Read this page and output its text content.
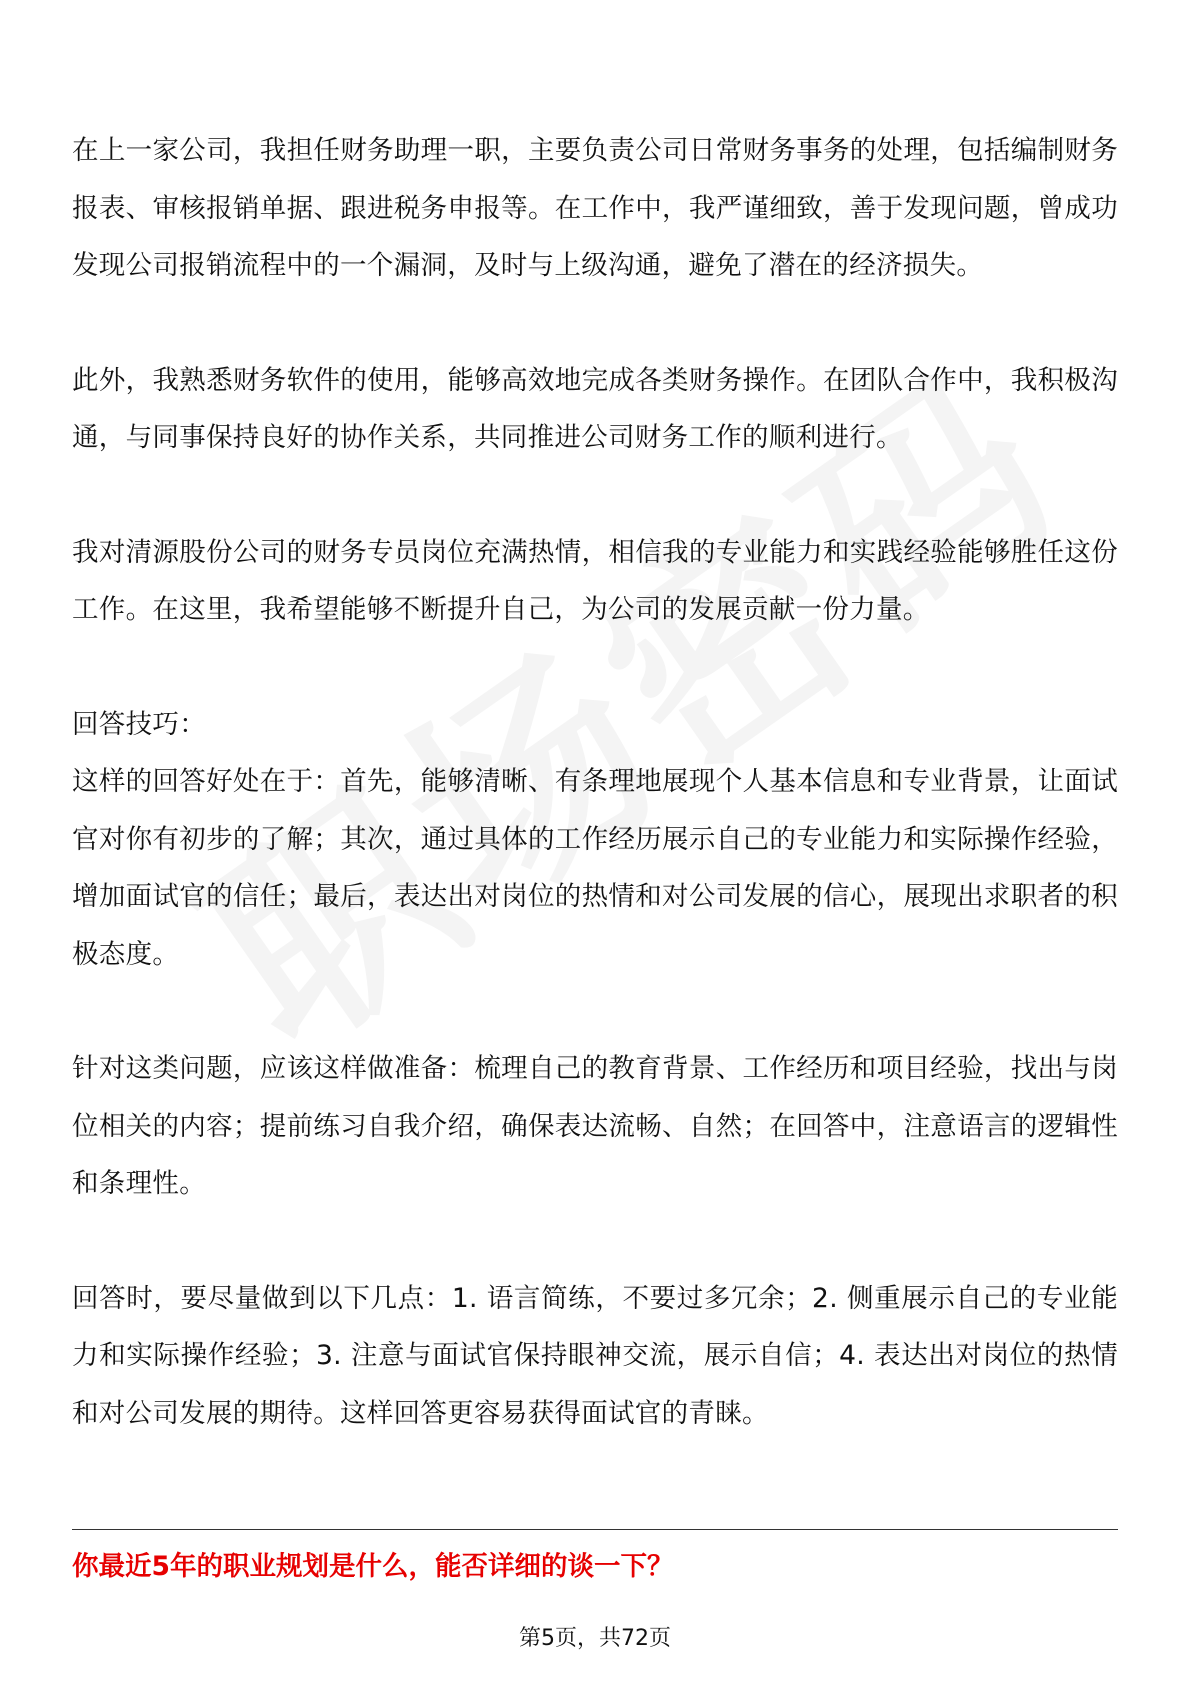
在上一家公司，我担任财务助理一职，主要负责公司日常财务事务的处理，包括编制财务报表、审核报销单据、跟进税务申报等。在工作中，我严谨细致，善于发现问题，曾成功发现公司报销流程中的一个漏洞，及时与上级沟通，避免了潜在的经济损失。

此外，我熟悉财务软件的使用，能够高效地完成各类财务操作。在团队合作中，我积极沟通，与同事保持良好的协作关系，共同推进公司财务工作的顺利进行。

我对清源股份公司的财务专员岗位充满热情，相信我的专业能力和实践经验能够胜任这份工作。在这里，我希望能够不断提升自己，为公司的发展贡献一份力量。

回答技巧：

这样的回答好处在于：首先，能够清晰、有条理地展现个人基本信息和专业背景，让面试官对你有初步的了解；其次，通过具体的工作经历展示自己的专业能力和实际操作经验，增加面试官的信任；最后，表达出对岗位的热情和对公司发展的信心，展现出求职者的积极态度。

针对这类问题，应该这样做准备：梳理自己的教育背景、工作经历和项目经验，找出与岗位相关的内容；提前练习自我介绍，确保表达流畅、自然；在回答中，注意语言的逻辑性和条理性。

回答时，要尽量做到以下几点：1. 语言简练，不要过多冗余；2. 侧重展示自己的专业能力和实际操作经验；3. 注意与面试官保持眼神交流，展示自信；4. 表达出对岗位的热情和对公司发展的期待。这样回答更容易获得面试官的青睐。

你最近5年的职业规划是什么，能否详细的谈一下？
第5页，共72页
